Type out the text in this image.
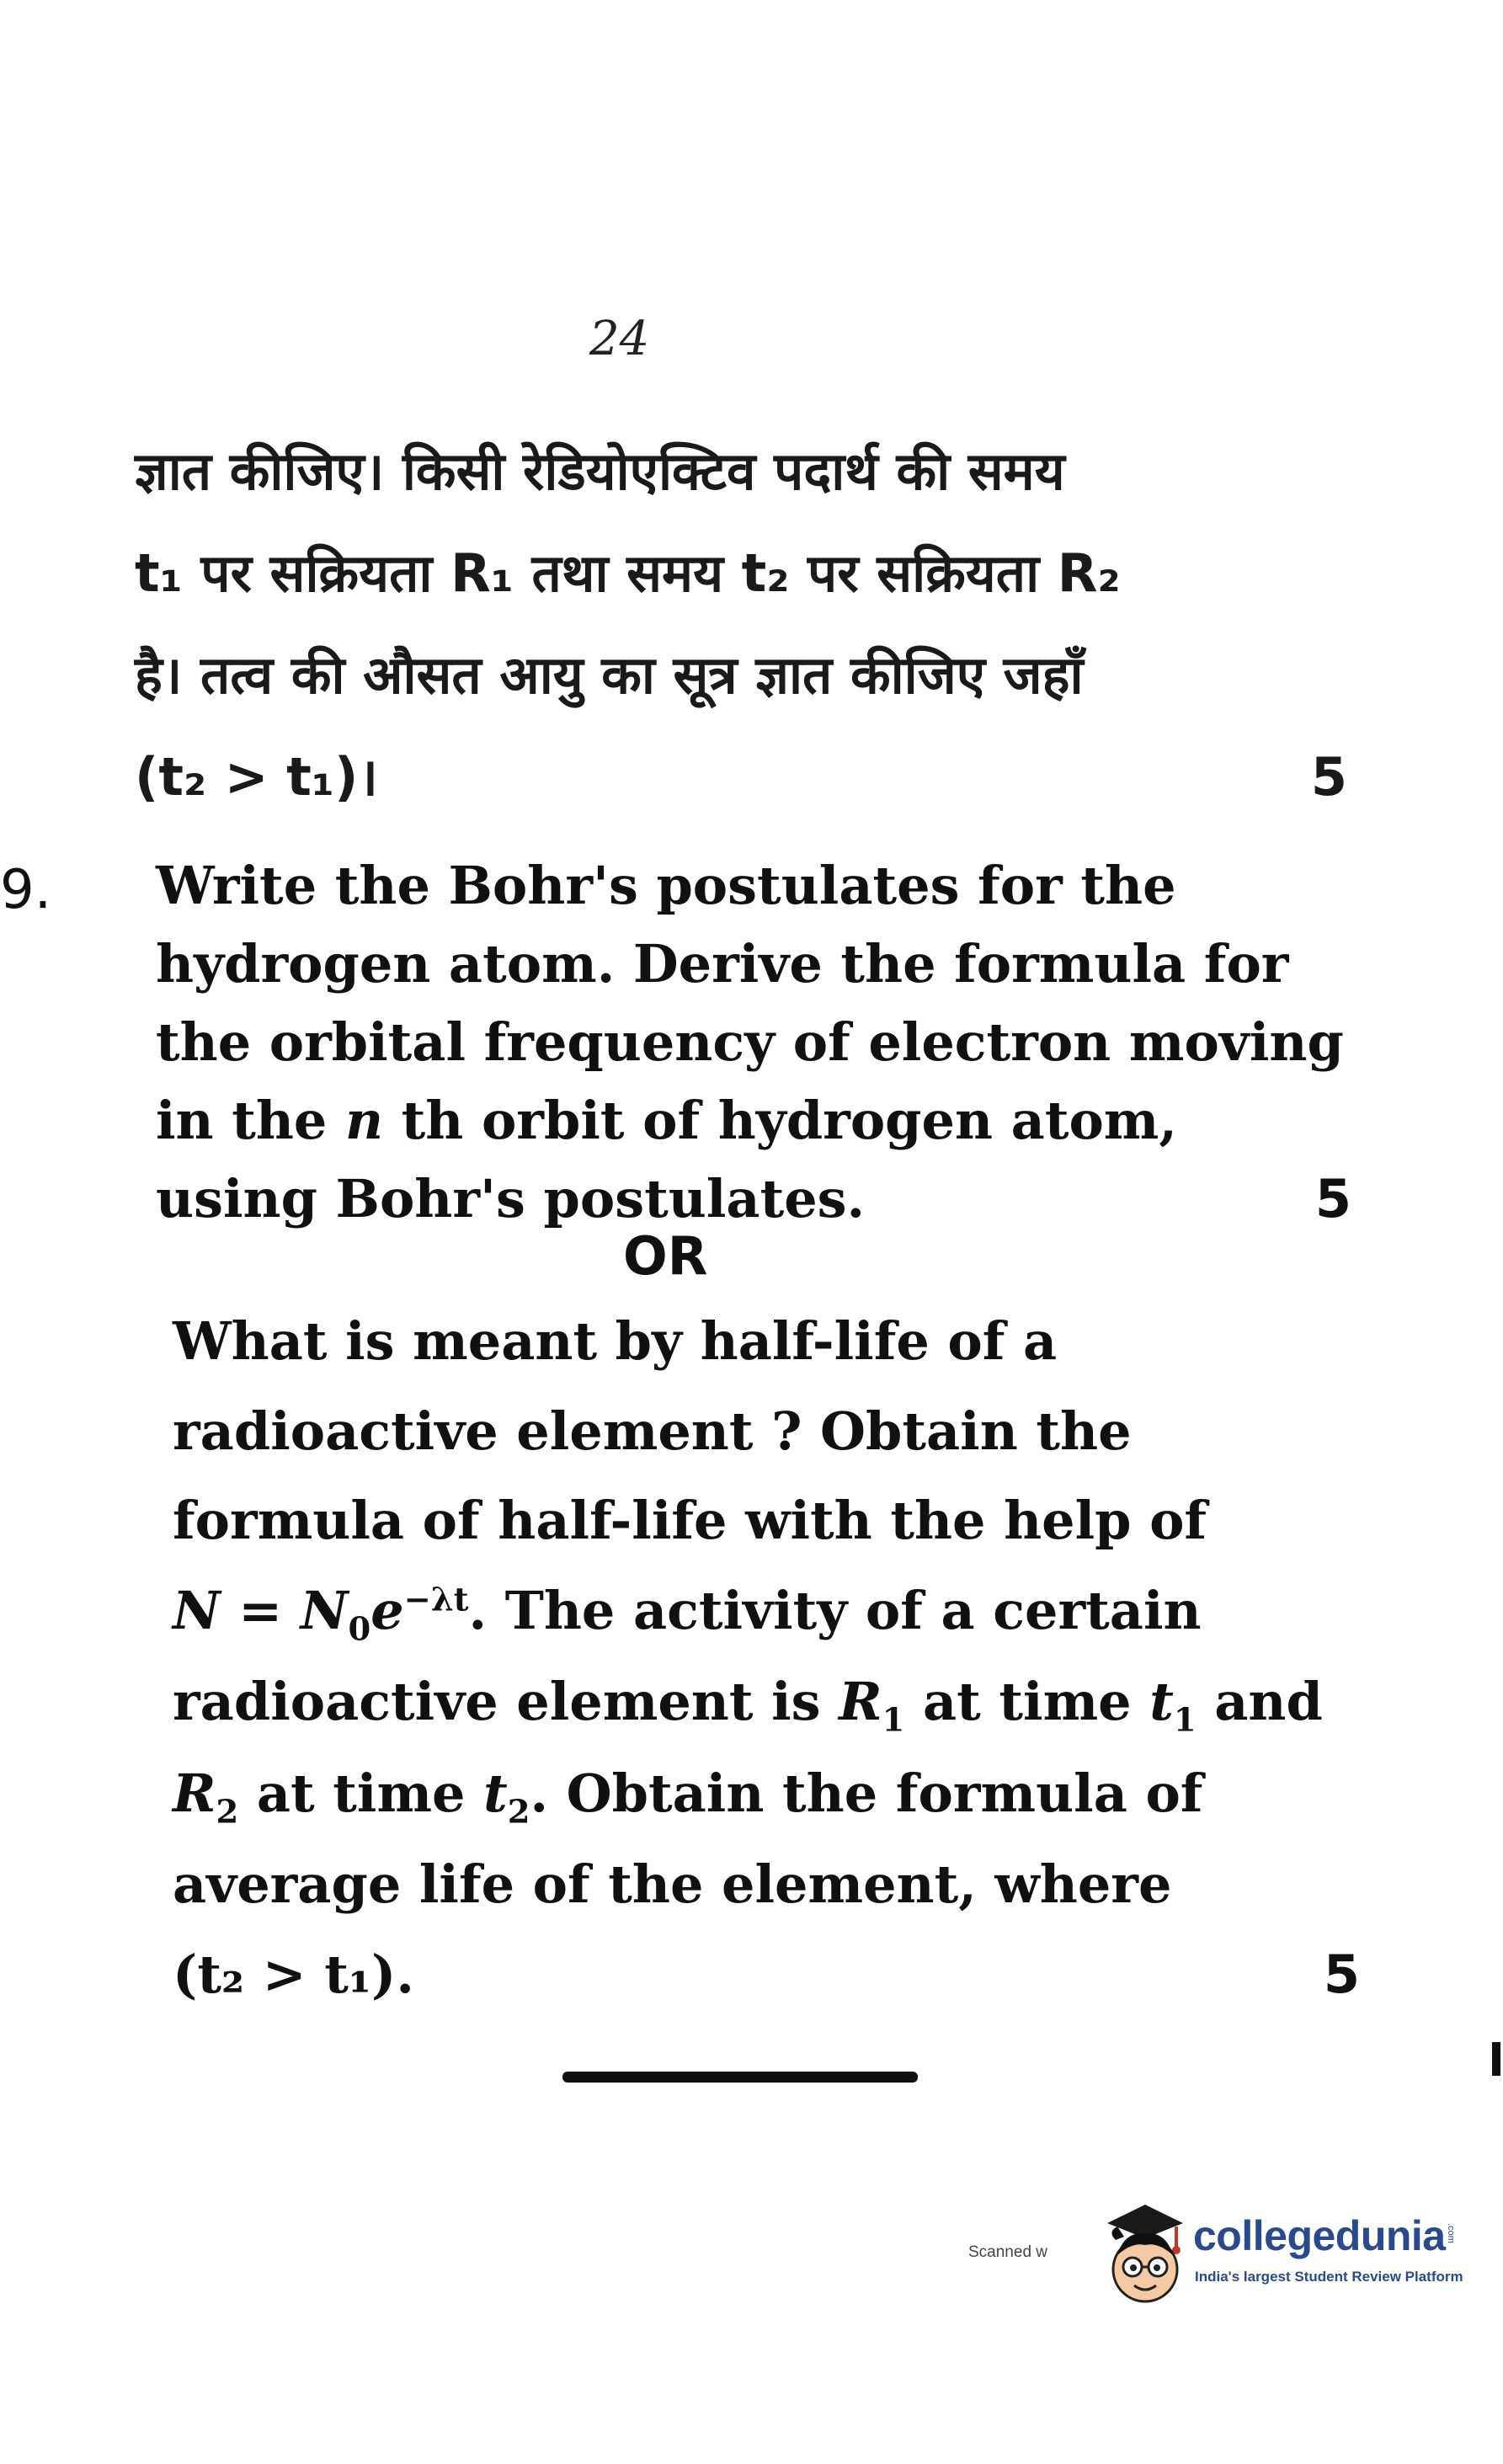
24
ज्ञात कीजिए। किसी रेडियोएक्टिव पदार्थ की समय
t₁ पर सक्रियता R₁ तथा समय t₂ पर सक्रियता R₂
है। तत्व की औसत आयु का सूत्र ज्ञात कीजिए जहाँ
(t₂ > t₁)।	5
9. Write the Bohr's postulates for the
hydrogen atom. Derive the formula for
the orbital frequency of electron moving
in the n th orbit of hydrogen atom,
using Bohr's postulates.	5
OR
What is meant by half-life of a
radioactive element ? Obtain the
formula of half-life with the help of
$N = N_0e^{-\lambda t}$. The activity of a certain
radioactive element is $R_1$ at time $t_1$ and
$R_2$ at time $t_2$. Obtain the formula of
average life of the element, where
(t₂ > t₁).	5
Scanned w	collegedunia .com
India's largest Student Review Platform
